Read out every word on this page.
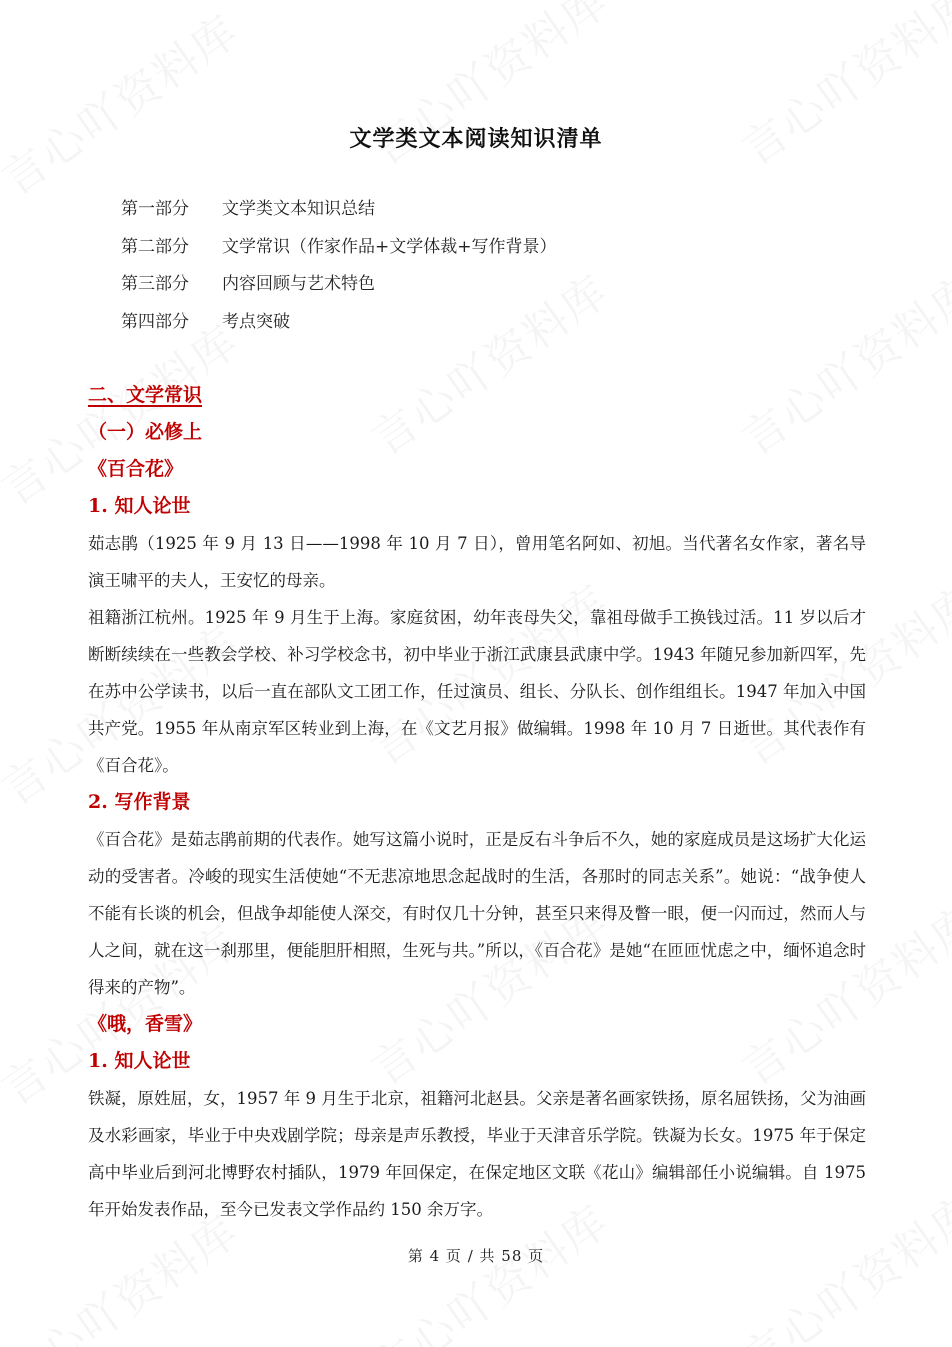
文学类文本阅读知识清单
第一部分 文学类文本知识总结
第二部分 文学常识（作家作品+文学体裁+写作背景）
第三部分 内容回顾与艺术特色
第四部分 考点突破
二、文学常识
（一）必修上
《百合花》
1. 知人论世

茹志鹃（1925 年 9 月 13 日——1998 年 10 月 7 日），曾用笔名阿如、初旭。当代著名女作家，著名导演王啸平的夫人，王安忆的母亲。

祖籍浙江杭州。1925 年 9 月生于上海。家庭贫困，幼年丧母失父，靠祖母做手工换钱过活。11 岁以后才断断续续在一些教会学校、补习学校念书，初中毕业于浙江武康县武康中学。1943 年随兄参加新四军，先在苏中公学读书，以后一直在部队文工团工作，任过演员、组长、分队长、创作组组长。1947 年加入中国共产党。1955 年从南京军区转业到上海，在《文艺月报》做编辑。1998 年 10 月 7 日逝世。其代表作有《百合花》。

2. 写作背景

《百合花》是茹志鹃前期的代表作。她写这篇小说时，正是反右斗争后不久，她的家庭成员是这场扩大化运动的受害者。冷峻的现实生活使她“不无悲凉地思念起战时的生活，各那时的同志关系”。她说：“战争使人不能有长谈的机会，但战争却能使人深交，有时仅几十分钟，甚至只来得及瞥一眼，便一闪而过，然而人与人之间，就在这一刹那里，便能胆肝相照，生死与共。”所以，《百合花》是她“在匝匝忧虑之中，缅怀追念时得来的产物”。

《哦，香雪》
1. 知人论世

铁凝，原姓屈，女，1957 年 9 月生于北京，祖籍河北赵县。父亲是著名画家铁扬，原名屈铁扬，父为油画及水彩画家，毕业于中央戏剧学院；母亲是声乐教授，毕业于天津音乐学院。铁凝为长女。1975 年于保定高中毕业后到河北博野农村插队，1979 年回保定，在保定地区文联《花山》编辑部任小说编辑。自 1975 年开始发表作品，至今已发表文学作品约 150 余万字。

第 4 页 / 共 58 页
